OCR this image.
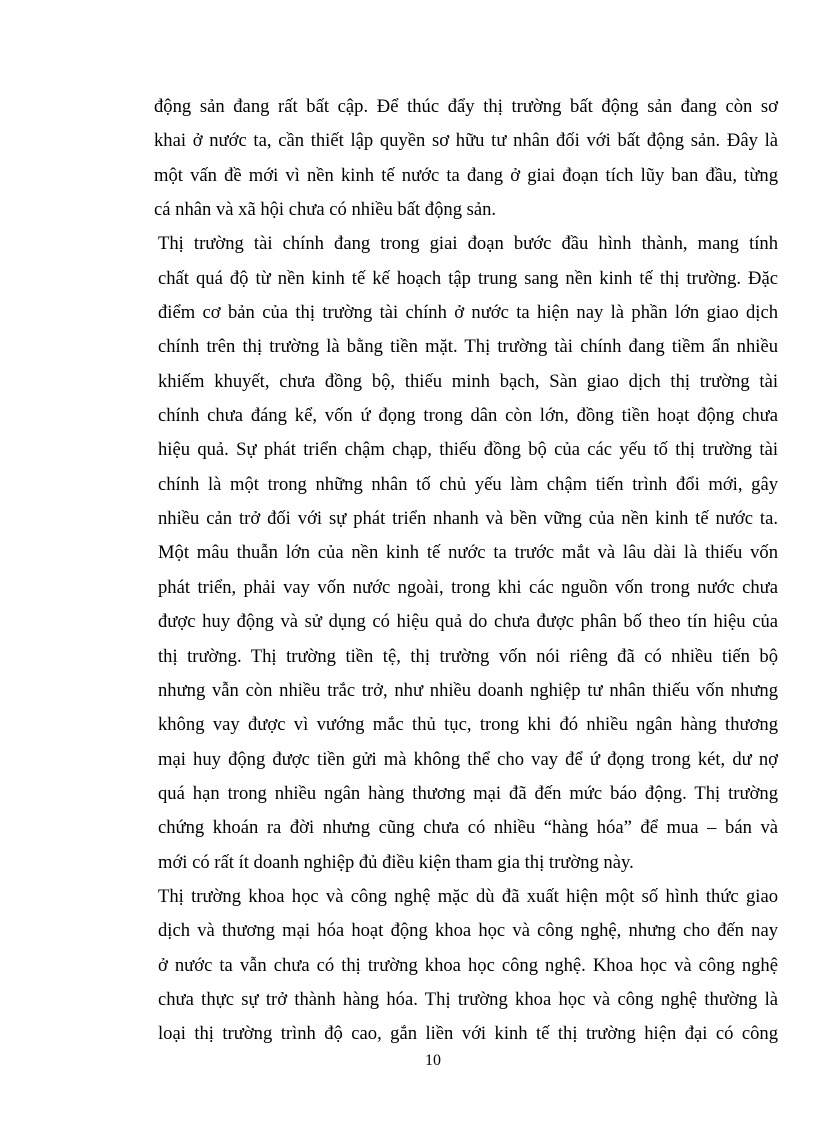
động sản đang rất bất cập. Để thúc đẩy thị trường bất động sản đang còn sơ
khai ở nước ta, cần thiết lập quyền sơ hữu tư nhân đối với bất động sản. Đây là
một vấn đề mới vì nền kinh tế nước ta đang ở giai đoạn tích lũy ban đầu, từng
cá nhân và xã hội chưa có nhiều bất động sản.
Thị trường tài chính đang trong giai đoạn bước đầu hình thành, mang tính
chất quá độ từ nền kinh tế kế hoạch tập trung sang nền kinh tế thị trường. Đặc
điểm cơ bản của thị trường tài chính ở nước ta hiện nay là phần lớn giao dịch
chính trên thị trường là bằng tiền mặt. Thị trường tài chính đang tiềm ẩn nhiều
khiếm khuyết, chưa đồng bộ, thiếu minh bạch, Sàn giao dịch thị trường tài
chính chưa đáng kể, vốn ứ đọng trong dân còn lớn, đồng tiền hoạt động chưa
hiệu quả. Sự phát triển chậm chạp, thiếu đồng bộ của các yếu tố thị trường tài
chính là một trong những nhân tố chủ yếu làm chậm tiến trình đổi mới, gây
nhiều cản trở đối với sự phát triển nhanh và bền vững của nền kinh tế nước ta.
Một mâu thuẫn lớn của nền kinh tế nước ta trước mắt và lâu dài là thiếu vốn
phát triển, phải vay vốn nước ngoài, trong khi các nguồn vốn trong nước chưa
được huy động và sử dụng có hiệu quả do chưa được phân bố theo tín hiệu của
thị trường. Thị trường tiền tệ, thị trường vốn nói riêng đã có nhiều tiến bộ
nhưng vẫn còn nhiều trắc trở, như nhiều doanh nghiệp tư nhân thiếu vốn nhưng
không vay được vì vướng mắc thủ tục, trong khi đó nhiều ngân hàng thương
mại huy động được tiền gửi mà không thể cho vay để ứ đọng trong két, dư nợ
quá hạn trong nhiều ngân hàng thương mại đã đến mức báo động. Thị trường
chứng khoán ra đời nhưng cũng chưa có nhiều “hàng hóa” để mua – bán và
mới có rất ít doanh nghiệp đủ điều kiện tham gia thị trường này.
Thị trường khoa học và công nghệ mặc dù đã xuất hiện một số hình thức giao
dịch và thương mại hóa hoạt động khoa học và công nghệ, nhưng cho đến nay
ở nước ta vẫn chưa có thị trường khoa học công nghệ. Khoa học và công nghệ
chưa thực sự trở thành hàng hóa. Thị trường khoa học và công nghệ thường là
loại thị trường trình độ cao, gắn liền với kinh tế thị trường hiện đại có công
10
